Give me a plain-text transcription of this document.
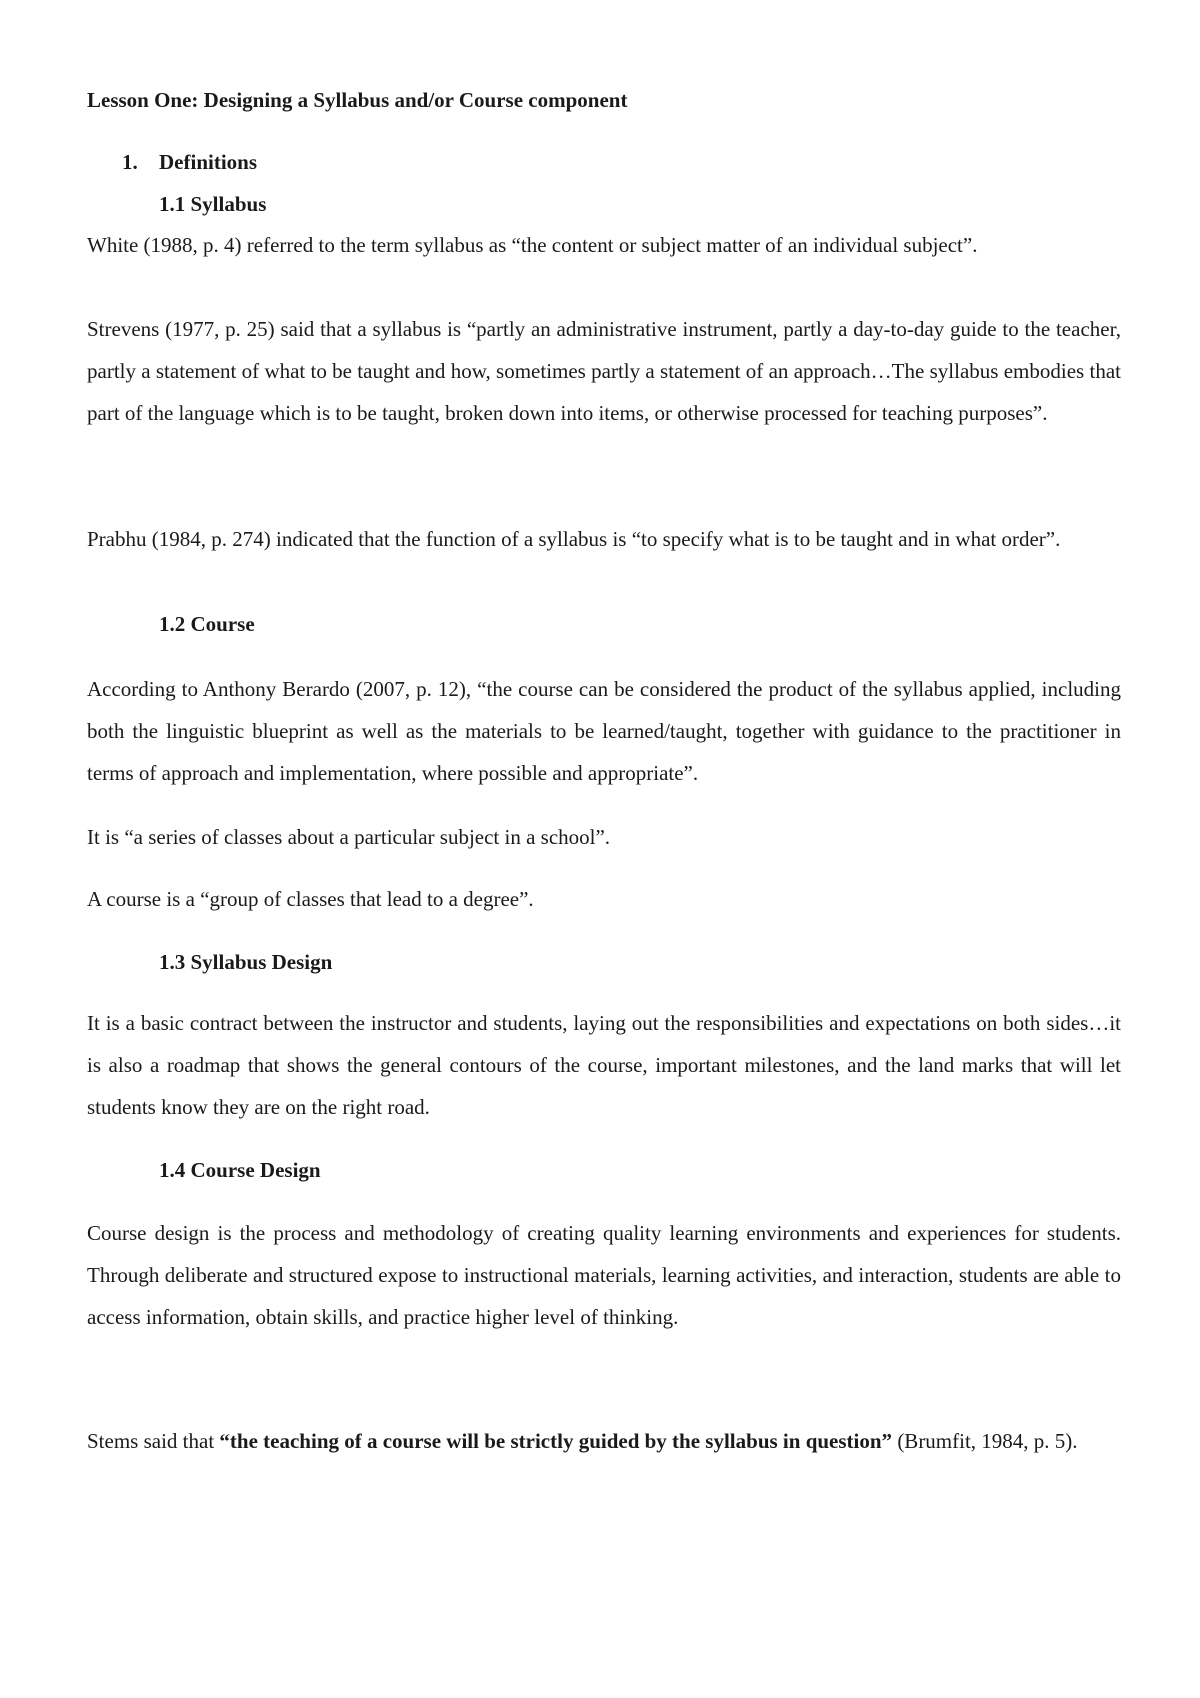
Lesson One: Designing a Syllabus and/or Course component

1. Definitions

1.1 Syllabus

White (1988, p. 4) referred to the term syllabus as “the content or subject matter of an individual subject”.

Strevens (1977, p. 25) said that a syllabus is “partly an administrative instrument, partly a day-to-day guide to the teacher, partly a statement of what to be taught and how, sometimes partly a statement of an approach…The syllabus embodies that part of the language which is to be taught, broken down into items, or otherwise processed for teaching purposes”.

Prabhu (1984, p. 274) indicated that the function of a syllabus is “to specify what is to be taught and in what order”.

1.2 Course

According to Anthony Berardo (2007, p. 12), “the course can be considered the product of the syllabus applied, including both the linguistic blueprint as well as the materials to be learned/taught, together with guidance to the practitioner in terms of approach and implementation, where possible and appropriate”.

It is “a series of classes about a particular subject in a school”.

A course is a “group of classes that lead to a degree”.

1.3 Syllabus Design

It is a basic contract between the instructor and students, laying out the responsibilities and expectations on both sides…it is also a roadmap that shows the general contours of the course, important milestones, and the land marks that will let students know they are on the right road.

1.4 Course Design

Course design is the process and methodology of creating quality learning environments and experiences for students. Through deliberate and structured expose to instructional materials, learning activities, and interaction, students are able to access information, obtain skills, and practice higher level of thinking.

Stems said that “the teaching of a course will be strictly guided by the syllabus in question” (Brumfit, 1984, p. 5).
